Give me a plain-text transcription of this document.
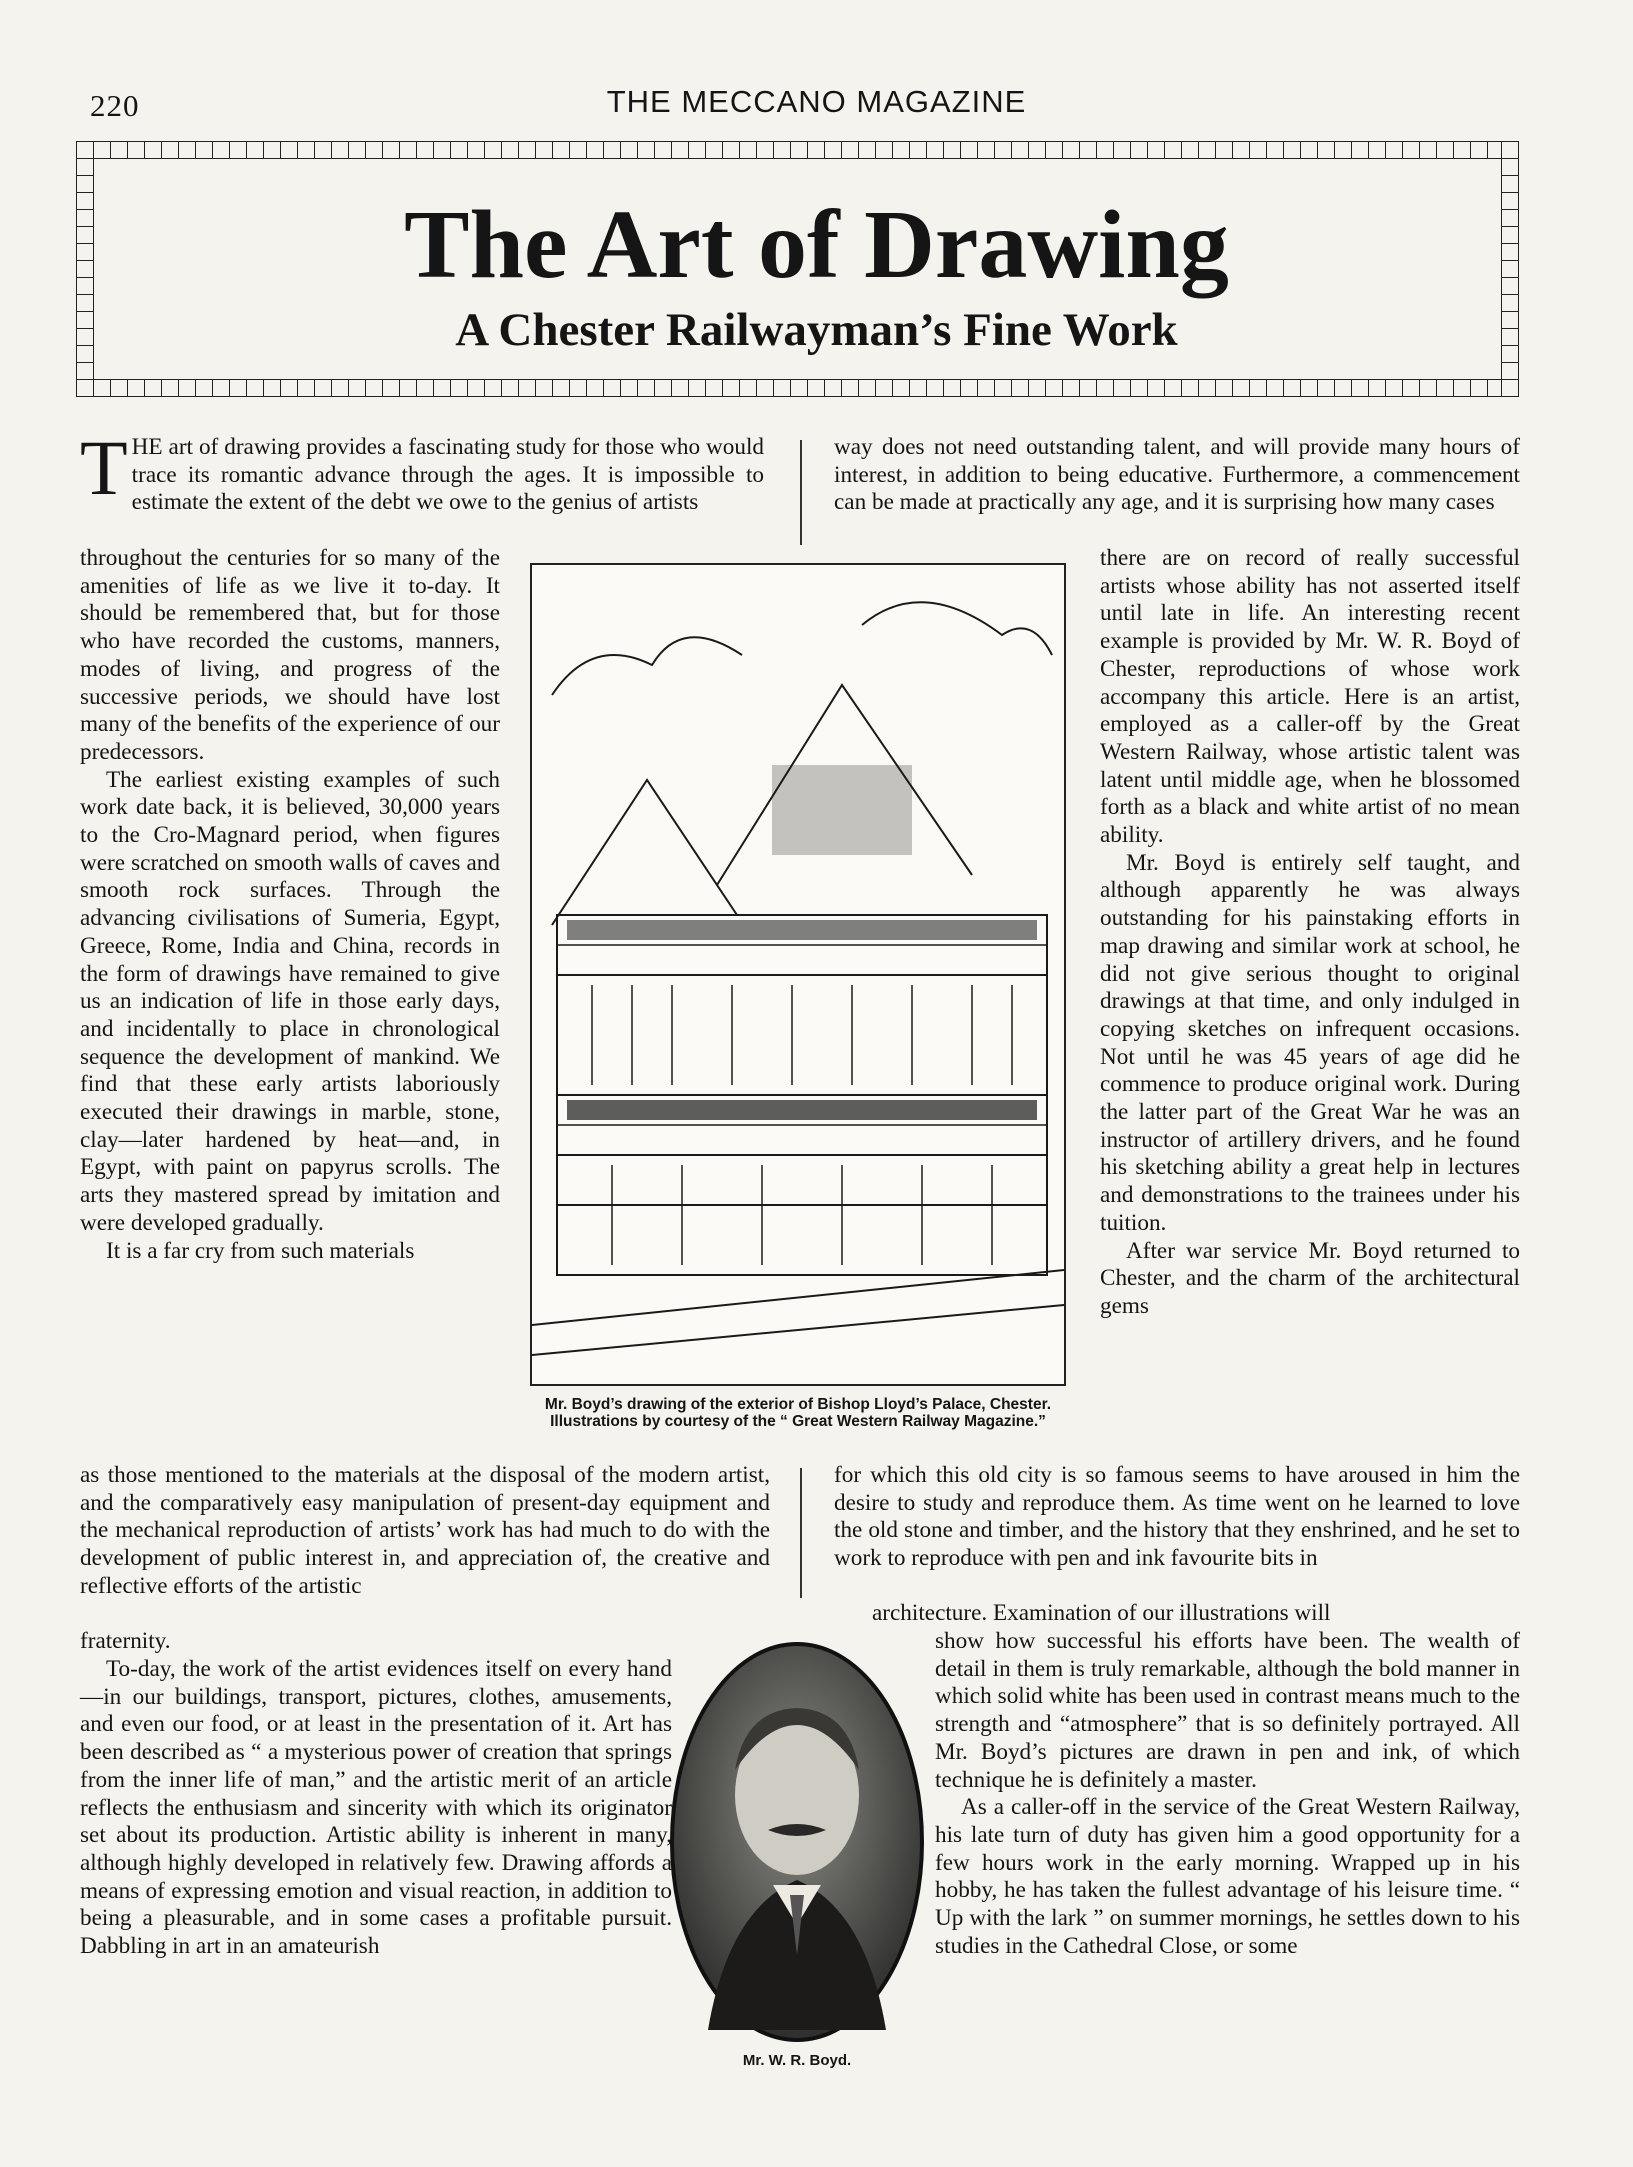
220	THE MECCANO MAGAZINE
The Art of Drawing
A Chester Railwayman’s Fine Work

THE art of drawing provides a fascinating study for those who would trace its romantic advance through the ages. It is impossible to estimate the extent of the debt we owe to the genius of artists

way does not need outstanding talent, and will provide many hours of interest, in addition to being educative. Furthermore, a commencement can be made at practically any age, and it is surprising how many cases

throughout the centuries for so many of the amenities of life as we live it to-day. It should be remembered that, but for those who have recorded the customs, manners, modes of living, and progress of the successive periods, we should have lost many of the benefits of the experience of our predecessors.

The earliest existing examples of such work date back, it is believed, 30,000 years to the Cro-Magnard period, when figures were scratched on smooth walls of caves and smooth rock surfaces. Through the advancing civilisations of Sumeria, Egypt, Greece, Rome, India and China, records in the form of drawings have remained to give us an indication of life in those early days, and incidentally to place in chronological sequence the development of mankind. We find that these early artists laboriously executed their drawings in marble, stone, clay—later hardened by heat—and, in Egypt, with paint on papyrus scrolls. The arts they mastered spread by imitation and were developed gradually.

It is a far cry from such materials

Mr. Boyd’s drawing of the exterior of Bishop Lloyd’s Palace, Chester. Illustrations by courtesy of the “ Great Western Railway Magazine.”

there are on record of really successful artists whose ability has not asserted itself until late in life. An interesting recent example is provided by Mr. W. R. Boyd of Chester, reproductions of whose work accompany this article. Here is an artist, employed as a caller-off by the Great Western Railway, whose artistic talent was latent until middle age, when he blossomed forth as a black and white artist of no mean ability.

Mr. Boyd is entirely self taught, and although apparently he was always outstanding for his painstaking efforts in map drawing and similar work at school, he did not give serious thought to original drawings at that time, and only indulged in copying sketches on infrequent occasions. Not until he was 45 years of age did he commence to produce original work. During the latter part of the Great War he was an instructor of artillery drivers, and he found his sketching ability a great help in lectures and demonstrations to the trainees under his tuition.

After war service Mr. Boyd returned to Chester, and the charm of the architectural gems

as those mentioned to the materials at the disposal of the modern artist, and the comparatively easy manipulation of present-day equipment and the mechanical reproduction of artists’ work has had much to do with the development of public interest in, and appreciation of, the creative and reflective efforts of the artistic

fraternity.

for which this old city is so famous seems to have aroused in him the desire to study and reproduce them. As time went on he learned to love the old stone and timber, and the history that they enshrined, and he set to work to reproduce with pen and ink favourite bits in

architecture. Examination of our illustrations will

To-day, the work of the artist evidences itself on every hand—in our buildings, transport, pictures, clothes, amusements, and even our food, or at least in the presentation of it. Art has been described as “ a mysterious power of creation that springs from the inner life of man,” and the artistic merit of an article reflects the enthusiasm and sincerity with which its originator set about its production. Artistic ability is inherent in many, although highly developed in relatively few. Drawing affords a means of expressing emotion and visual reaction, in addition to being a pleasurable, and in some cases a profitable pursuit. Dabbling in art in an amateurish

Mr. W. R. Boyd.

show how successful his efforts have been. The wealth of detail in them is truly remarkable, although the bold manner in which solid white has been used in contrast means much to the strength and “atmosphere” that is so definitely portrayed. All Mr. Boyd’s pictures are drawn in pen and ink, of which technique he is definitely a master.

As a caller-off in the service of the Great Western Railway, his late turn of duty has given him a good opportunity for a few hours work in the early morning. Wrapped up in his hobby, he has taken the fullest advantage of his leisure time. “ Up with the lark ” on summer mornings, he settles down to his studies in the Cathedral Close, or some
